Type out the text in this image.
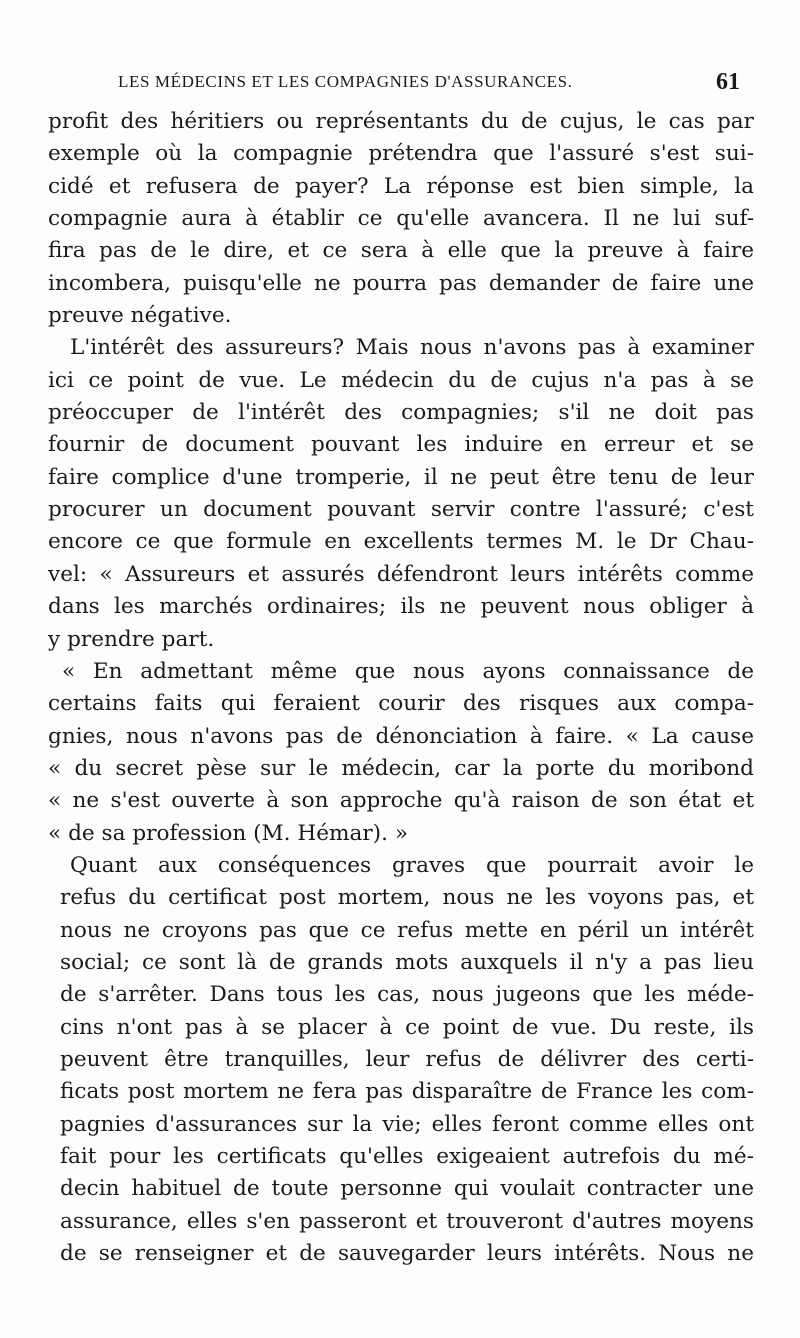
LES MÉDECINS ET LES COMPAGNIES D'ASSURANCES.	61
profit des héritiers ou représentants du de cujus, le cas par
exemple où la compagnie prétendra que l'assuré s'est sui-
cidé et refusera de payer? La réponse est bien simple, la
compagnie aura à établir ce qu'elle avancera. Il ne lui suf-
fira pas de le dire, et ce sera à elle que la preuve à faire
incombera, puisqu'elle ne pourra pas demander de faire une
preuve négative.
L'intérêt des assureurs? Mais nous n'avons pas à examiner
ici ce point de vue. Le médecin du de cujus n'a pas à se
préoccuper de l'intérêt des compagnies; s'il ne doit pas
fournir de document pouvant les induire en erreur et se
faire complice d'une tromperie, il ne peut être tenu de leur
procurer un document pouvant servir contre l'assuré; c'est
encore ce que formule en excellents termes M. le Dr Chau-
vel: « Assureurs et assurés défendront leurs intérêts comme
dans les marchés ordinaires; ils ne peuvent nous obliger à
y prendre part.
« En admettant même que nous ayons connaissance de
certains faits qui feraient courir des risques aux compa-
gnies, nous n'avons pas de dénonciation à faire. « La cause
« du secret pèse sur le médecin, car la porte du moribond
« ne s'est ouverte à son approche qu'à raison de son état et
« de sa profession (M. Hémar). »
Quant aux conséquences graves que pourrait avoir le
refus du certificat post mortem, nous ne les voyons pas, et
nous ne croyons pas que ce refus mette en péril un intérêt
social; ce sont là de grands mots auxquels il n'y a pas lieu
de s'arrêter. Dans tous les cas, nous jugeons que les méde-
cins n'ont pas à se placer à ce point de vue. Du reste, ils
peuvent être tranquilles, leur refus de délivrer des certi-
ficats post mortem ne fera pas disparaître de France les com-
pagnies d'assurances sur la vie; elles feront comme elles ont
fait pour les certificats qu'elles exigeaient autrefois du mé-
decin habituel de toute personne qui voulait contracter une
assurance, elles s'en passeront et trouveront d'autres moyens
de se renseigner et de sauvegarder leurs intérêts. Nous ne
